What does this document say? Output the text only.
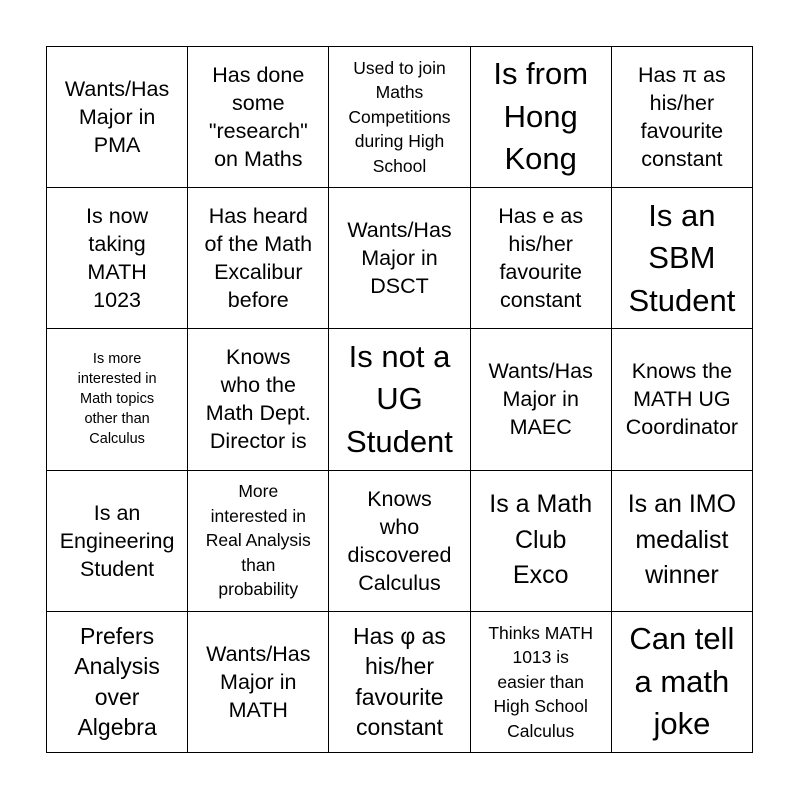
Wants/Has
Major in
PMA
Has done
some
"research"
on Maths
Used to join
Maths
Competitions
during High
School
Is from
Hong
Kong
Has π as
his/her
favourite
constant
Is now
taking
MATH
1023
Has heard
of the Math
Excalibur
before
Wants/Has
Major in
DSCT
Has e as
his/her
favourite
constant
Is an
SBM
Student
Is more
interested in
Math topics
other than
Calculus
Knows
who the
Math Dept.
Director is
Is not a
UG
Student
Wants/Has
Major in
MAEC
Knows the
MATH UG
Coordinator
Is an
Engineering
Student
More
interested in
Real Analysis
than
probability
Knows
who
discovered
Calculus
Is a Math
Club
Exco
Is an IMO
medalist
winner
Prefers
Analysis
over
Algebra
Wants/Has
Major in
MATH
Has φ as
his/her
favourite
constant
Thinks MATH
1013 is
easier than
High School
Calculus
Can tell
a math
joke
